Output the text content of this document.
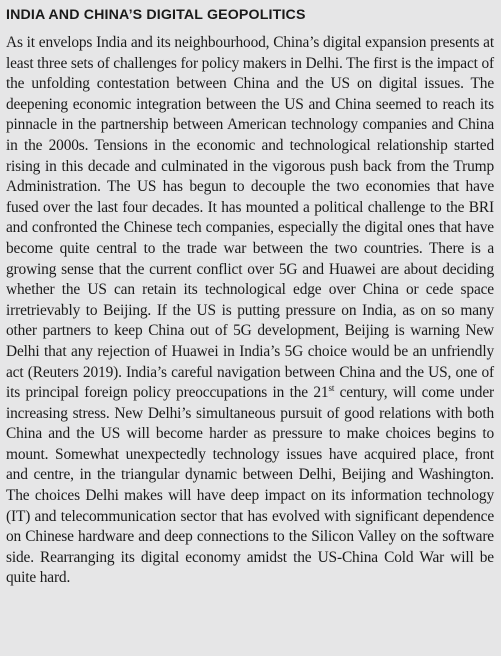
INDIA AND CHINA’S DIGITAL GEOPOLITICS

As it envelops India and its neighbourhood, China’s digital expansion presents at least three sets of challenges for policy makers in Delhi. The first is the impact of the unfolding contestation between China and the US on digital issues. The deepening economic integration between the US and China seemed to reach its pinnacle in the partnership between American technology companies and China in the 2000s. Tensions in the economic and technological relationship started rising in this decade and culminated in the vigorous push back from the Trump Administration. The US has begun to decouple the two economies that have fused over the last four decades. It has mounted a political challenge to the BRI and confronted the Chinese tech companies, especially the digital ones that have become quite central to the trade war between the two countries. There is a growing sense that the current conflict over 5G and Huawei are about deciding whether the US can retain its technological edge over China or cede space irretrievably to Beijing. If the US is putting pressure on India, as on so many other partners to keep China out of 5G development, Beijing is warning New Delhi that any rejection of Huawei in India’s 5G choice would be an unfriendly act (Reuters 2019). India’s careful navigation between China and the US, one of its principal foreign policy preoccupations in the 21st century, will come under increasing stress. New Delhi’s simultaneous pursuit of good relations with both China and the US will become harder as pressure to make choices begins to mount. Somewhat unexpectedly technology issues have acquired place, front and centre, in the triangular dynamic between Delhi, Beijing and Washington. The choices Delhi makes will have deep impact on its information technology (IT) and telecommunication sector that has evolved with significant dependence on Chinese hardware and deep connections to the Silicon Valley on the software side. Rearranging its digital economy amidst the US-China Cold War will be quite hard.
